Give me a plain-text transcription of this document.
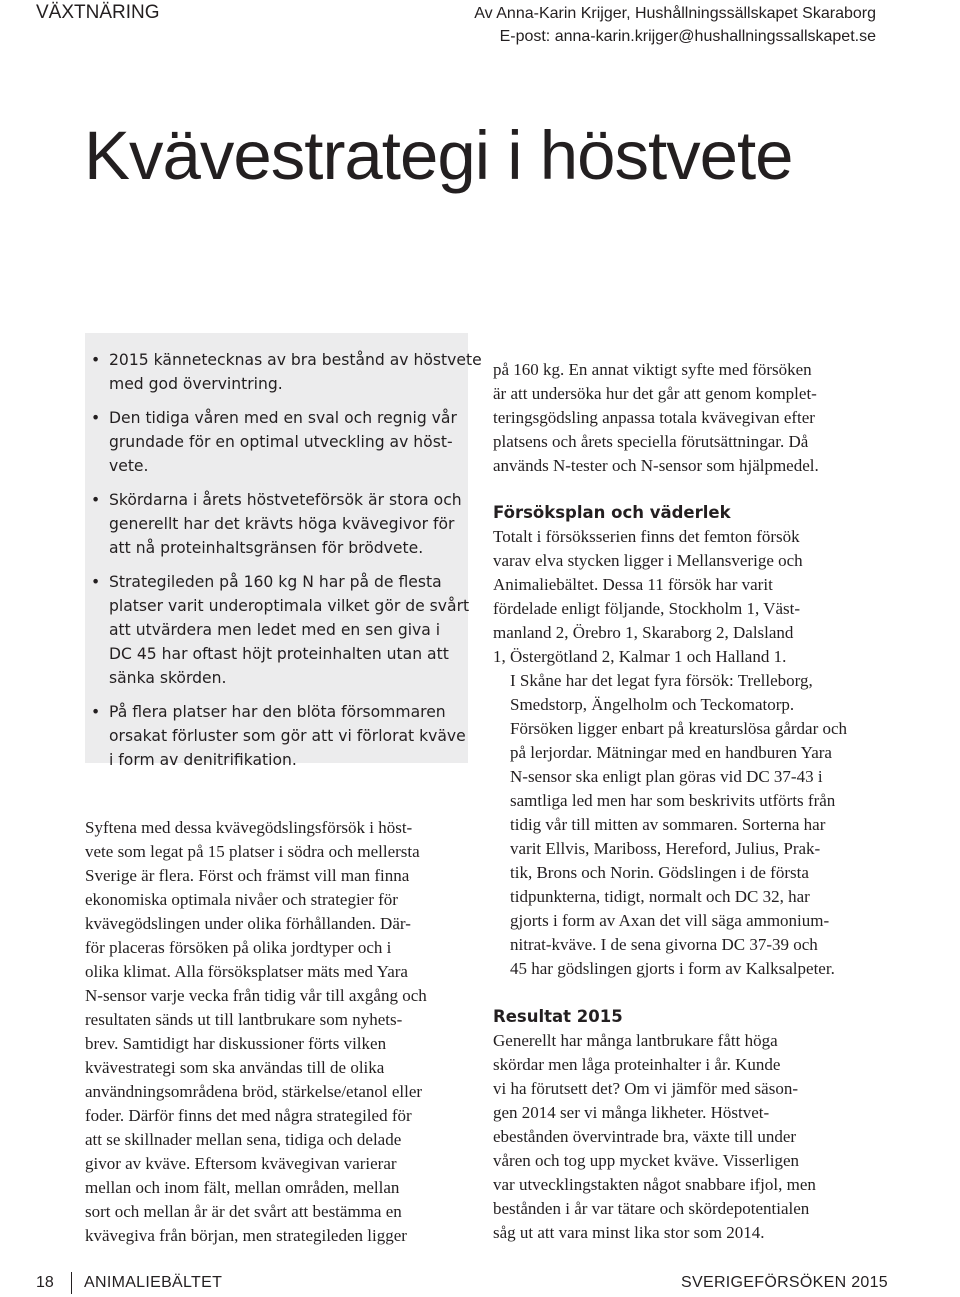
VÄXTNÄRING	Av Anna-Karin Krijger, Hushållningssällskapet Skaraborg
E-post: anna-karin.krijger@hushallningssallskapet.se
Kvävestrategi i höstvete
• 2015 kännetecknas av bra bestånd av höstvete
med god övervintring.
• Den tidiga våren med en sval och regnig vår
grundade för en optimal utveckling av höst-
vete.
• Skördarna i årets höstveteförsök är stora och
generellt har det krävts höga kvävegivor för
att nå proteinhaltsgränsen för brödvete.
• Strategileden på 160 kg N har på de flesta
platser varit underoptimala vilket gör de svårt
att utvärdera men ledet med en sen giva i
DC 45 har oftast höjt proteinhalten utan att
sänka skörden.
• På flera platser har den blöta försommaren
orsakat förluster som gör att vi förlorat kväve
i form av denitrifikation.

Syftena med dessa kvävegödslingsförsök i höst-
vete som legat på 15 platser i södra och mellersta
Sverige är flera. Först och främst vill man finna
ekonomiska optimala nivåer och strategier för
kvävegödslingen under olika förhållanden. Där-
för placeras försöken på olika jordtyper och i
olika klimat. Alla försöksplatser mäts med Yara
N-sensor varje vecka från tidig vår till axgång och
resultaten sänds ut till lantbrukare som nyhets-
brev. Samtidigt har diskussioner förts vilken
kvävestrategi som ska användas till de olika
användningsområdena bröd, stärkelse/etanol eller
foder. Därför finns det med några strategiled för
att se skillnader mellan sena, tidiga och delade
givor av kväve. Eftersom kvävegivan varierar
mellan och inom fält, mellan områden, mellan
sort och mellan år är det svårt att bestämma en
kvävegiva från början, men strategileden ligger

på 160 kg. En annat viktigt syfte med försöken
är att undersöka hur det går att genom komplet-
teringsgödsling anpassa totala kvävegivan efter
platsens och årets speciella förutsättningar. Då
används N-tester och N-sensor som hjälpmedel.

Försöksplan och väderlek

Totalt i försöksserien finns det femton försök
varav elva stycken ligger i Mellansverige och
Animaliebältet. Dessa 11 försök har varit
fördelade enligt följande, Stockholm 1, Väst-
manland 2, Örebro 1, Skaraborg 2, Dalsland
1, Östergötland 2, Kalmar 1 och Halland 1.

I Skåne har det legat fyra försök: Trelleborg,
Smedstorp, Ängelholm och Teckomatorp.
Försöken ligger enbart på kreaturslösa gårdar och
på lerjordar. Mätningar med en handburen Yara
N-sensor ska enligt plan göras vid DC 37-43 i
samtliga led men har som beskrivits utförts från
tidig vår till mitten av sommaren. Sorterna har
varit Ellvis, Mariboss, Hereford, Julius, Prak-
tik, Brons och Norin. Gödslingen i de första
tidpunkterna, tidigt, normalt och DC 32, har
gjorts i form av Axan det vill säga ammonium-
nitrat-kväve. I de sena givorna DC 37-39 och
45 har gödslingen gjorts i form av Kalksalpeter.

Resultat 2015

Generellt har många lantbrukare fått höga
skördar men låga proteinhalter i år. Kunde
vi ha förutsett det? Om vi jämför med säson-
gen 2014 ser vi många likheter. Höstvet-
ebestånden övervintrade bra, växte till under
våren och tog upp mycket kväve. Visserligen
var utvecklingstakten något snabbare ifjol, men
bestånden i år var tätare och skördepotentialen
såg ut att vara minst lika stor som 2014.

18 ANIMALIEBÄLTET	SVERIGEFÖRSÖKEN 2015
